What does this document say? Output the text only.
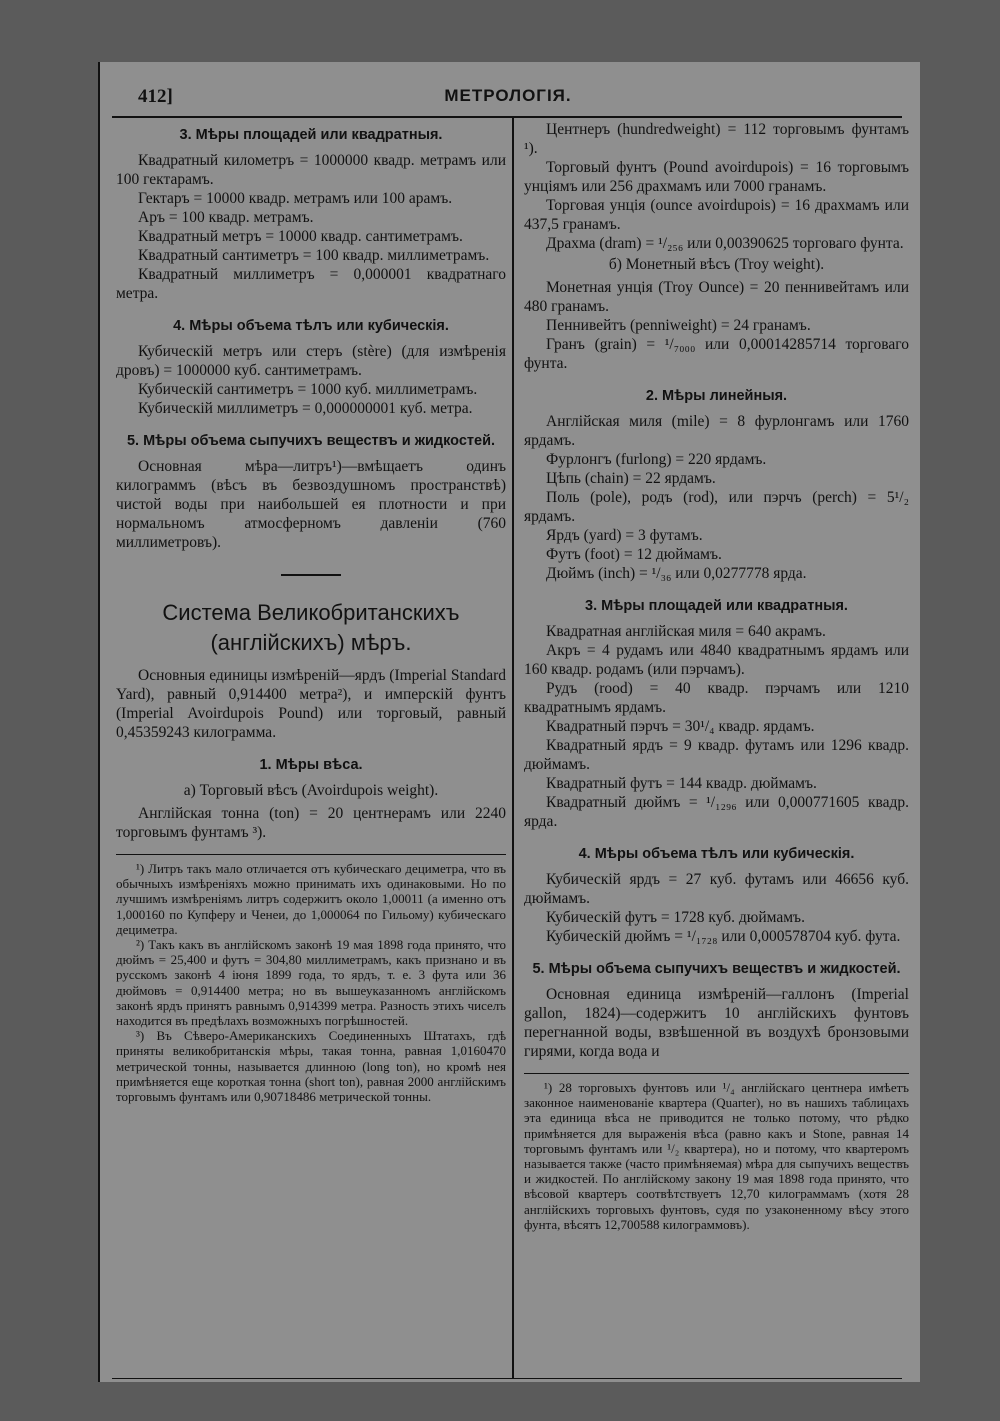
412]	МЕТРОЛОГІЯ.
3. Мѣры площадей или квадратныя.

Квадратный километръ = 1000000 квадр. метрамъ или 100 гектарамъ.

Гектаръ = 10000 квадр. метрамъ или 100 арамъ.

Аръ = 100 квадр. метрамъ.

Квадратный метръ = 10000 квадр. сантиметрамъ.

Квадратный сантиметръ = 100 квадр. миллиметрамъ.

Квадратный миллиметръ = 0,000001 квадратнаго метра.

4. Мѣры объема тѣлъ или кубическія.

Кубическій метръ или стеръ (stère) (для измѣренія дровъ) = 1000000 куб. сантиметрамъ.

Кубическій сантиметръ = 1000 куб. миллиметрамъ.

Кубическій миллиметръ = 0,000000001 куб. метра.

5. Мѣры объема сыпучихъ веществъ и жидкостей.

Основная мѣра—литръ¹)—вмѣщаетъ одинъ килограммъ (вѣсъ въ безвоздушномъ пространствѣ) чистой воды при наибольшей ея плотности и при нормальномъ атмосферномъ давленіи (760 миллиметровъ).

Система Великобританскихъ (англійскихъ) мѣръ.

Основныя единицы измѣреній—ярдъ (Imperial Standard Yard), равный 0,914400 метра²), и имперскій фунтъ (Imperial Avoirdupois Pound) или торговый, равный 0,45359243 килограмма.

1. Мѣры вѣса.

а) Торговый вѣсъ (Avoirdupois weight).

Англійская тонна (ton) = 20 центнерамъ или 2240 торговымъ фунтамъ ³).

¹) Литръ такъ мало отличается отъ кубическаго дециметра, что въ обычныхъ измѣреніяхъ можно принимать ихъ одинаковыми. Но по лучшимъ измѣреніямъ литръ содержитъ около 1,00011 (а именно отъ 1,000160 по Купферу и Ченеи, до 1,000064 по Гильому) кубическаго дециметра.

²) Такъ какъ въ англійскомъ законѣ 19 мая 1898 года принято, что дюймъ = 25,400 и футъ = 304,80 миллиметрамъ, какъ признано и въ русскомъ законѣ 4 іюня 1899 года, то ярдъ, т. е. 3 фута или 36 дюймовъ = 0,914400 метра; но въ вышеуказанномъ англійскомъ законѣ ярдъ принятъ равнымъ 0,914399 метра. Разность этихъ чиселъ находится въ предѣлахъ возможныхъ погрѣшностей.

³) Въ Сѣверо-Американскихъ Соединенныхъ Штатахъ, гдѣ приняты великобританскія мѣры, такая тонна, равная 1,0160470 метрической тонны, называется длинною (long ton), но кромѣ нея примѣняется еще короткая тонна (short ton), равная 2000 англійскимъ торговымъ фунтамъ или 0,90718486 метрической тонны.

Центнеръ (hundredweight) = 112 торговымъ фунтамъ ¹).

Торговый фунтъ (Pound avoirdupois) = 16 торговымъ унціямъ или 256 драхмамъ или 7000 гранамъ.

Торговая унція (ounce avoirdupois) = 16 драхмамъ или 437,5 гранамъ.

Драхма (dram) = ¹/₂₅₆ или 0,00390625 торговаго фунта.

б) Монетный вѣсъ (Troy weight).

Монетная унція (Troy Ounce) = 20 пеннивейтамъ или 480 гранамъ.

Пеннивейтъ (penniweight) = 24 гранамъ.

Гранъ (grain) = ¹/₇₀₀₀ или 0,00014285714 торговаго фунта.

2. Мѣры линейныя.

Англійская миля (mile) = 8 фурлонгамъ или 1760 ярдамъ.

Фурлонгъ (furlong) = 220 ярдамъ.

Цѣпь (chain) = 22 ярдамъ.

Поль (pole), родъ (rod), или пэрчъ (perch) = 5¹/₂ ярдамъ.

Ярдъ (yard) = 3 футамъ.

Футъ (foot) = 12 дюймамъ.

Дюймъ (inch) = ¹/₃₆ или 0,0277778 ярда.

3. Мѣры площадей или квадратныя.

Квадратная англійская миля = 640 акрамъ.

Акръ = 4 рудамъ или 4840 квадратнымъ ярдамъ или 160 квадр. родамъ (или пэрчамъ).

Рудъ (rood) = 40 квадр. пэрчамъ или 1210 квадратнымъ ярдамъ.

Квадратный пэрчъ = 30¹/₄ квадр. ярдамъ.

Квадратный ярдъ = 9 квадр. футамъ или 1296 квадр. дюймамъ.

Квадратный футъ = 144 квадр. дюймамъ.

Квадратный дюймъ = ¹/₁₂₉₆ или 0,000771605 квадр. ярда.

4. Мѣры объема тѣлъ или кубическія.

Кубическій ярдъ = 27 куб. футамъ или 46656 куб. дюймамъ.

Кубическій футъ = 1728 куб. дюймамъ.

Кубическій дюймъ = ¹/₁₇₂₈ или 0,000578704 куб. фута.

5. Мѣры объема сыпучихъ веществъ и жидкостей.

Основная единица измѣреній—галлонъ (Imperial gallon, 1824)—содержитъ 10 англійскихъ фунтовъ перегнанной воды, взвѣшенной въ воздухѣ бронзовыми гирями, когда вода и

¹) 28 торговыхъ фунтовъ или ¹/₄ англійскаго центнера имѣетъ законное наименованіе квартера (Quarter), но въ нашихъ таблицахъ эта единица вѣса не приводится не только потому, что рѣдко примѣняется для выраженія вѣса (равно какъ и Stone, равная 14 торговымъ фунтамъ или ¹/₂ квартера), но и потому, что квартеромъ называется также (часто примѣняемая) мѣра для сыпучихъ веществъ и жидкостей. По англійскому закону 19 мая 1898 года принято, что вѣсовой квартеръ соотвѣтствуетъ 12,70 килограммамъ (хотя 28 англійскихъ торговыхъ фунтовъ, судя по узаконенному вѣсу этого фунта, вѣсятъ 12,700588 килограммовъ).
